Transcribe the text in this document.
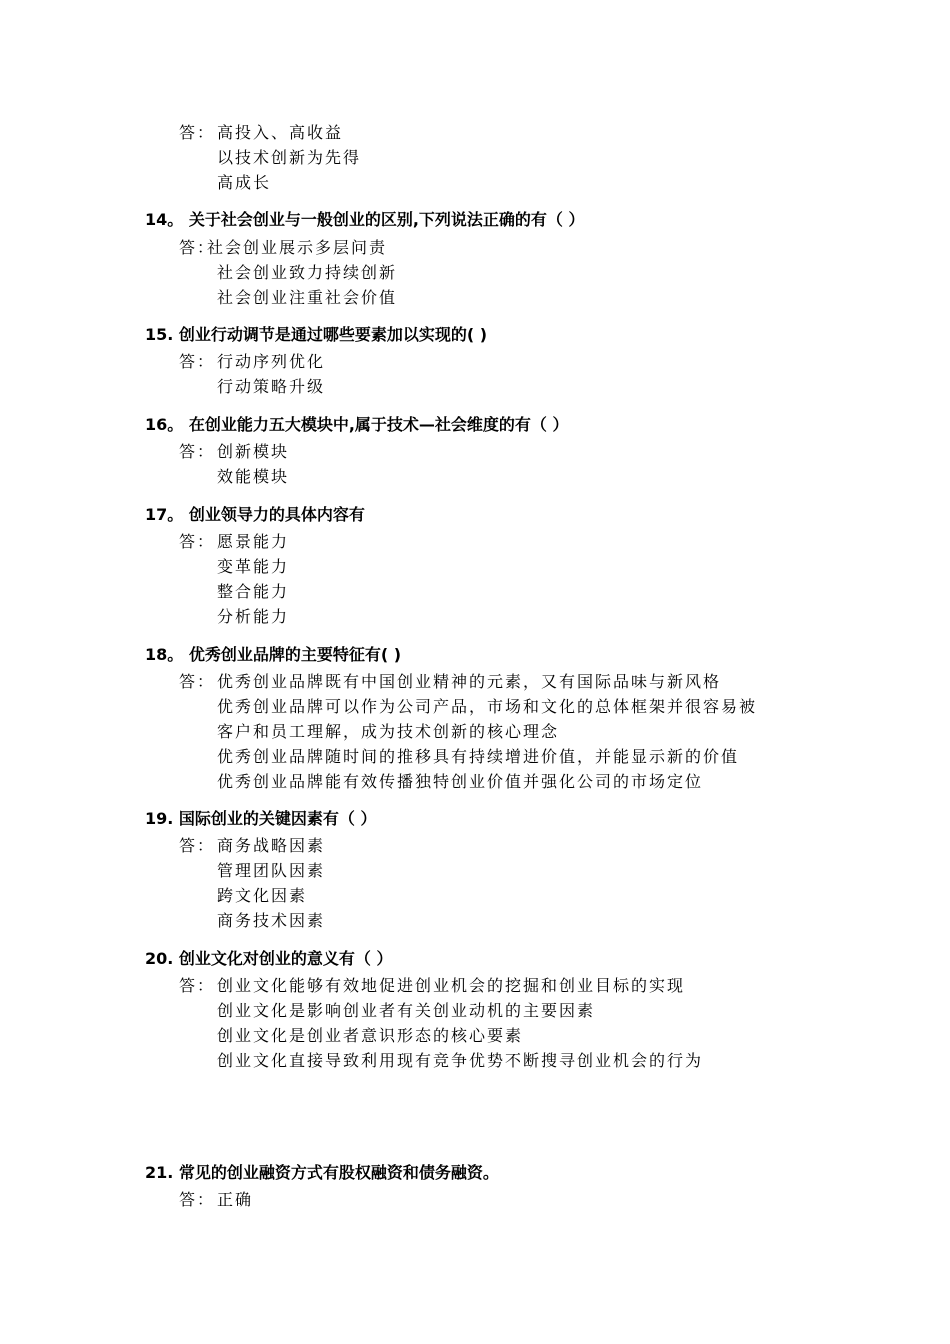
答： 高投入、高收益
以技术创新为先得
高成长
14。 关于社会创业与一般创业的区别,下列说法正确的有（ ）
答：
社会创业展示多层问责
社会创业致力持续创新
社会创业注重社会价值
15. 创业行动调节是通过哪些要素加以实现的( )
答： 行动序列优化
行动策略升级
16。 在创业能力五大模块中,属于技术—社会维度的有（ ）
答： 创新模块
效能模块
17。 创业领导力的具体内容有
答： 愿景能力
变革能力
整合能力
分析能力
18。 优秀创业品牌的主要特征有( )
答： 优秀创业品牌既有中国创业精神的元素，又有国际品味与新风格
优秀创业品牌可以作为公司产品，市场和文化的总体框架并很容易被
客户和员工理解，成为技术创新的核心理念
优秀创业品牌随时间的推移具有持续增进价值，并能显示新的价值
优秀创业品牌能有效传播独特创业价值并强化公司的市场定位
19. 国际创业的关键因素有（ ）
答： 商务战略因素
管理团队因素
跨文化因素
商务技术因素
20. 创业文化对创业的意义有（ ）
答： 创业文化能够有效地促进创业机会的挖掘和创业目标的实现
创业文化是影响创业者有关创业动机的主要因素
创业文化是创业者意识形态的核心要素
创业文化直接导致利用现有竞争优势不断搜寻创业机会的行为
21. 常见的创业融资方式有股权融资和债务融资。
答： 正确
